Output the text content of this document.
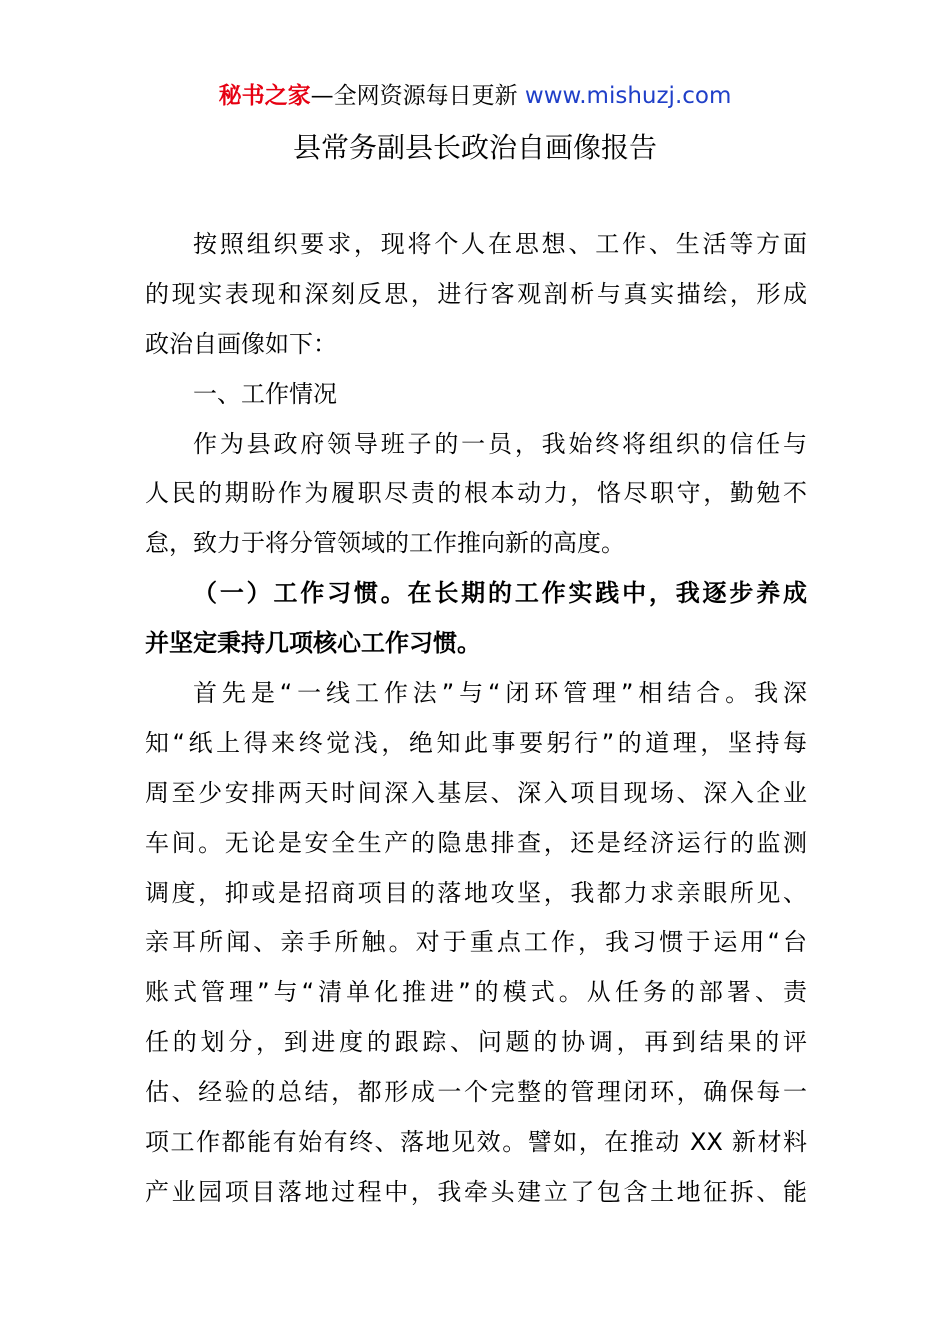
秘书之家—全网资源每日更新 www.mishuzj.com
县常务副县长政治自画像报告
按照组织要求，现将个人在思想、工作、生活等方面
的现实表现和深刻反思，进行客观剖析与真实描绘，形成
政治自画像如下：
一、工作情况
作为县政府领导班子的一员，我始终将组织的信任与
人民的期盼作为履职尽责的根本动力，恪尽职守，勤勉不
怠，致力于将分管领域的工作推向新的高度。
（一）工作习惯。在长期的工作实践中，我逐步养成
并坚定秉持几项核心工作习惯。
首先是“一线工作法”与“闭环管理”相结合。我深
知“纸上得来终觉浅，绝知此事要躬行”的道理，坚持每
周至少安排两天时间深入基层、深入项目现场、深入企业
车间。无论是安全生产的隐患排查，还是经济运行的监测
调度，抑或是招商项目的落地攻坚，我都力求亲眼所见、
亲耳所闻、亲手所触。对于重点工作，我习惯于运用“台
账式管理”与“清单化推进”的模式。从任务的部署、责
任的划分，到进度的跟踪、问题的协调，再到结果的评
估、经验的总结，都形成一个完整的管理闭环，确保每一
项工作都能有始有终、落地见效。譬如，在推动 XX 新材料
产业园项目落地过程中，我牵头建立了包含土地征拆、能
